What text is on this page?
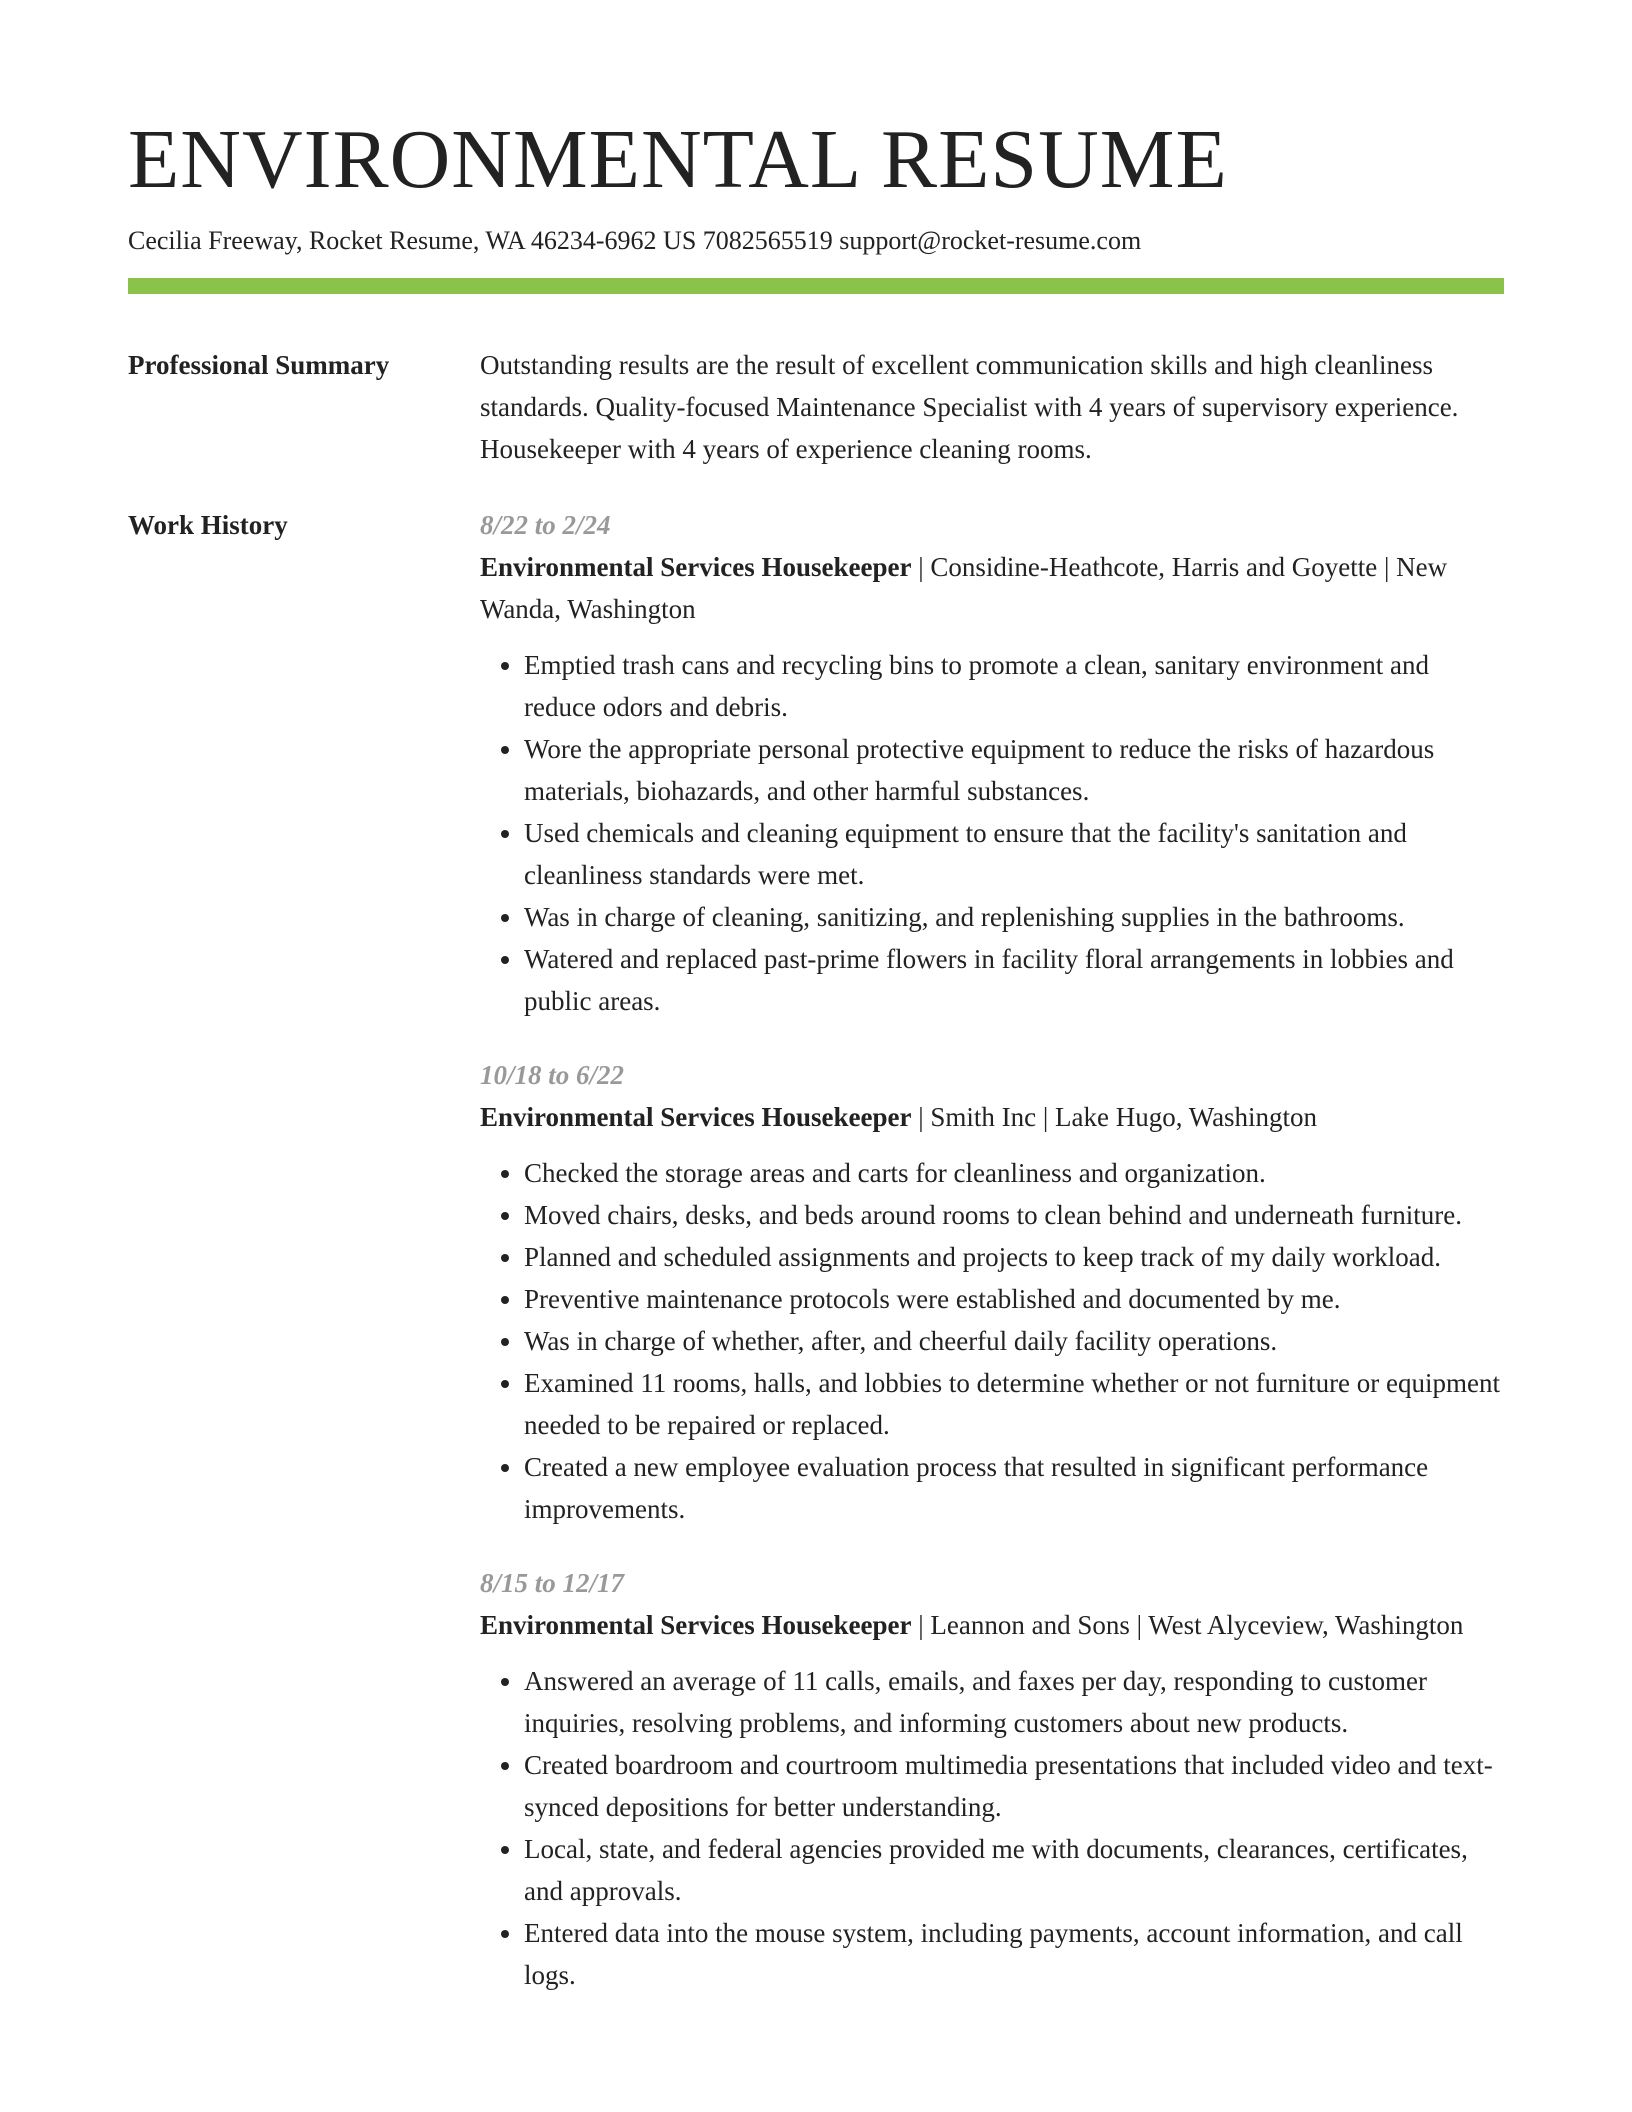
ENVIRONMENTAL RESUME
Cecilia Freeway, Rocket Resume, WA 46234-6962 US 7082565519 support@rocket-resume.com
Professional Summary	Outstanding results are the result of excellent communication skills and high cleanliness standards. Quality-focused Maintenance Specialist with 4 years of supervisory experience. Housekeeper with 4 years of experience cleaning rooms.
Work History	8/22 to 2/24
Environmental Services Housekeeper | Considine-Heathcote, Harris and Goyette | New Wanda, Washington
• Emptied trash cans and recycling bins to promote a clean, sanitary environment and reduce odors and debris.
• Wore the appropriate personal protective equipment to reduce the risks of hazardous materials, biohazards, and other harmful substances.
• Used chemicals and cleaning equipment to ensure that the facility's sanitation and cleanliness standards were met.
• Was in charge of cleaning, sanitizing, and replenishing supplies in the bathrooms.
• Watered and replaced past-prime flowers in facility floral arrangements in lobbies and public areas.
10/18 to 6/22
Environmental Services Housekeeper | Smith Inc | Lake Hugo, Washington
• Checked the storage areas and carts for cleanliness and organization.
• Moved chairs, desks, and beds around rooms to clean behind and underneath furniture.
• Planned and scheduled assignments and projects to keep track of my daily workload.
• Preventive maintenance protocols were established and documented by me.
• Was in charge of whether, after, and cheerful daily facility operations.
• Examined 11 rooms, halls, and lobbies to determine whether or not furniture or equipment needed to be repaired or replaced.
• Created a new employee evaluation process that resulted in significant performance improvements.
8/15 to 12/17
Environmental Services Housekeeper | Leannon and Sons | West Alyceview, Washington
• Answered an average of 11 calls, emails, and faxes per day, responding to customer inquiries, resolving problems, and informing customers about new products.
• Created boardroom and courtroom multimedia presentations that included video and text-synced depositions for better understanding.
• Local, state, and federal agencies provided me with documents, clearances, certificates, and approvals.
• Entered data into the mouse system, including payments, account information, and call logs.
